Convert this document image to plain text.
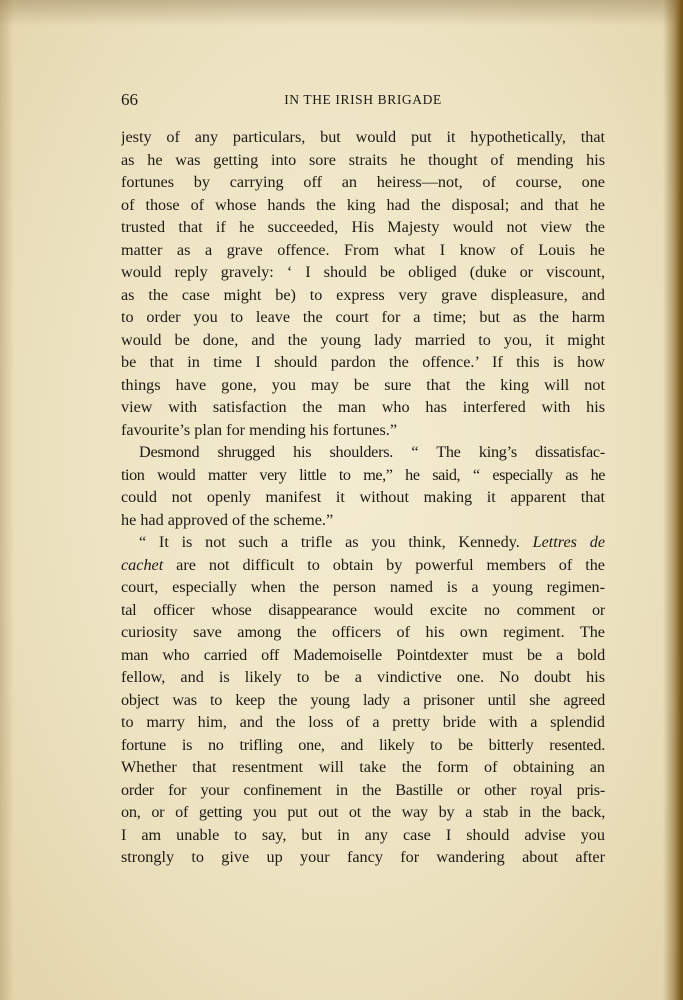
66	IN THE IRISH BRIGADE
jesty of any particulars, but would put it hypothetically, that
as he was getting into sore straits he thought of mending his
fortunes by carrying off an heiress—not, of course, one
of those of whose hands the king had the disposal; and that he
trusted that if he succeeded, His Majesty would not view the
matter as a grave offence. From what I know of Louis he
would reply gravely: ‘ I should be obliged (duke or viscount,
as the case might be) to express very grave displeasure, and
to order you to leave the court for a time; but as the harm
would be done, and the young lady married to you, it might
be that in time I should pardon the offence.’ If this is how
things have gone, you may be sure that the king will not
view with satisfaction the man who has interfered with his
favourite’s plan for mending his fortunes.”
Desmond shrugged his shoulders. “ The king’s dissatisfac-
tion would matter very little to me,” he said, “ especially as he
could not openly manifest it without making it apparent that
he had approved of the scheme.”
“ It is not such a trifle as you think, Kennedy. Lettres de
cachet are not difficult to obtain by powerful members of the
court, especially when the person named is a young regimen-
tal officer whose disappearance would excite no comment or
curiosity save among the officers of his own regiment. The
man who carried off Mademoiselle Pointdexter must be a bold
fellow, and is likely to be a vindictive one. No doubt his
object was to keep the young lady a prisoner until she agreed
to marry him, and the loss of a pretty bride with a splendid
fortune is no trifling one, and likely to be bitterly resented.
Whether that resentment will take the form of obtaining an
order for your confinement in the Bastille or other royal pris-
on, or of getting you put out ot the way by a stab in the back,
I am unable to say, but in any case I should advise you
strongly to give up your fancy for wandering about after
